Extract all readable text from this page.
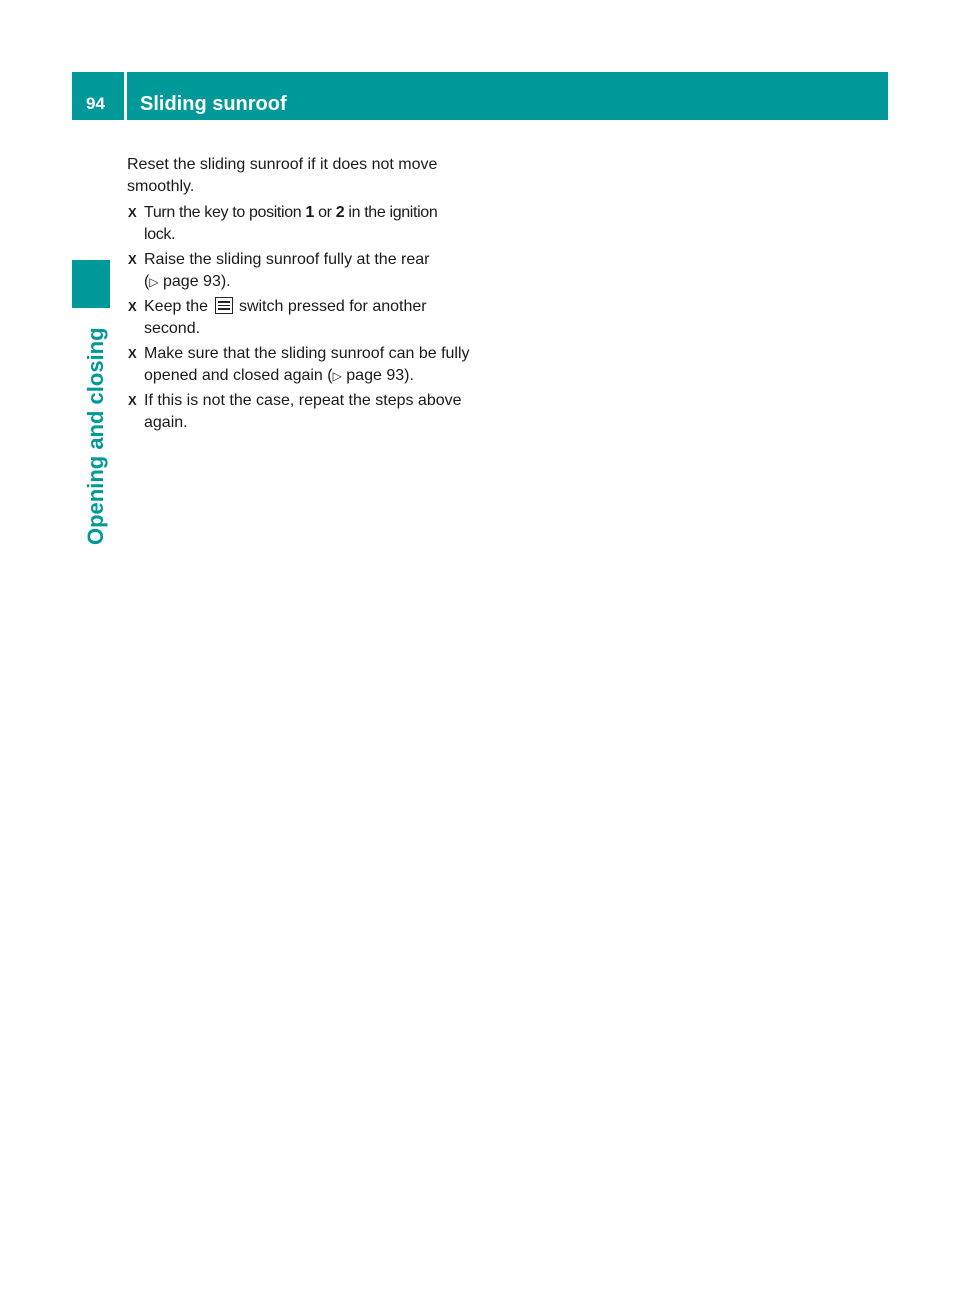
94	Sliding sunroof
Opening and closing

Reset the sliding sunroof if it does not move
smoothly.

X Turn the key to position 1 or 2 in the ignition lock.
X Raise the sliding sunroof fully at the rear
(▷ page 93).
X Keep the
switch pressed for another second.
X Make sure that the sliding sunroof can be fully opened and closed again (▷ page 93).
X If this is not the case, repeat the steps above again.
